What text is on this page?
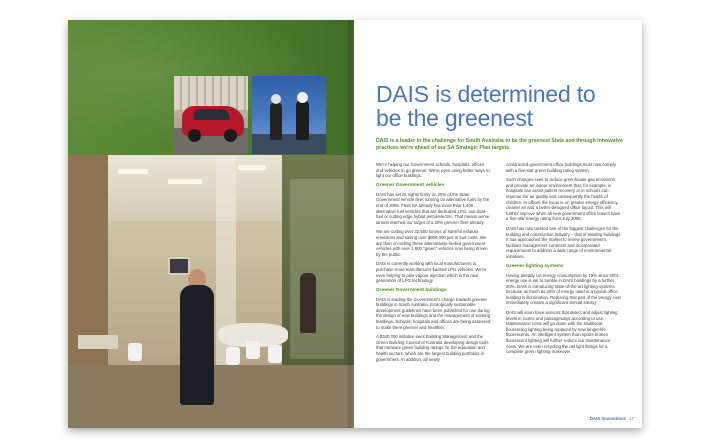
DAIS is determined to
be the greenest

DAIS is a leader in the challenge for South Australia to be the greenest State and through innovative practices we're ahead of our SA Strategic Plan targets.

We're helping our Government schools, hospitals, offices and vehicles to go greener. We're even using better ways to light our office buildings.

Greener Government vehicles

DAIS has set its sights firmly on 20% of the State Government vehicle fleet running on alternative fuels by the end of 2006. Fleet SA already has more than 1,400 alternative fuel vehicles that are dedicated LPG, use dual-fuel or cutting edge hybrid petrol/electric. That means we've almost reached our target of a 20% greener fleet already.

We are cutting over 32,500 tonnes of harmful exhaust emissions and saving over $900,000 just in fuel costs. We are then on-selling these alternatively-fuelled government vehicles with over 1,800 "green" vehicles now being driven by the public.

DAIS is currently working with local manufacturers to purchase more manufacturer-backed LPG vehicles. We're even helping to pilot vapour injection which is the next generation of LPG technology.

Greener Government buildings

DAIS is leading the Government's charge towards greener buildings in South Australia. Ecologically sustainable development guidelines have been published for use during the design of new buildings and the management of existing buildings. Schools, hospitals and offices are being assessed to make them greener and healthier.

A $340,000 initiative sees Building Management and the Green Building Council of Australia developing design tools that measure green building ratings for the education and health sectors, which are the largest building portfolios in government. In addition, all newly

constructed government office buildings must now comply with a five-star green building rating system.

Such changes seek to reduce greenhouse gas emissions and provide an indoor environment that, for example, in hospitals can assist patient recovery or in schools can improve the air quality and consequently the health of children. In offices the focus is on greater energy efficiency, cleaner air and a better-designed office layout. This will further improve when all new government office leases have a five-star energy rating from July 2006.

DAIS has now tackled one of the biggest challenges for the building and construction industry – that of existing buildings. It has approached the market to renew government's facilities management contracts and incorporated requirements to address a wide range of environmental initiatives.

Greener lighting systems

Having already cut energy consumption by 19% since 2001, energy use is set to tumble in DAIS buildings by a further 20%. DAIS is introducing state-of-the-art lighting systems because as much as 25% of energy used in a typical office building is illumination. Reducing that part of the energy cost immediately creates a significant annual saving.

DAIS will soon have sensors that detect and adjust lighting levels in rooms and passageways according to use. Maintenance costs will go down with the traditional flourescing lighting being replaced by new longer-life fluorescents. An intelligent system that reports broken fluorescent lighting will further reduce our maintenance costs. We are even recycling the old light fittings for a complete green lighting makeover.

DAIS Innovations 17
